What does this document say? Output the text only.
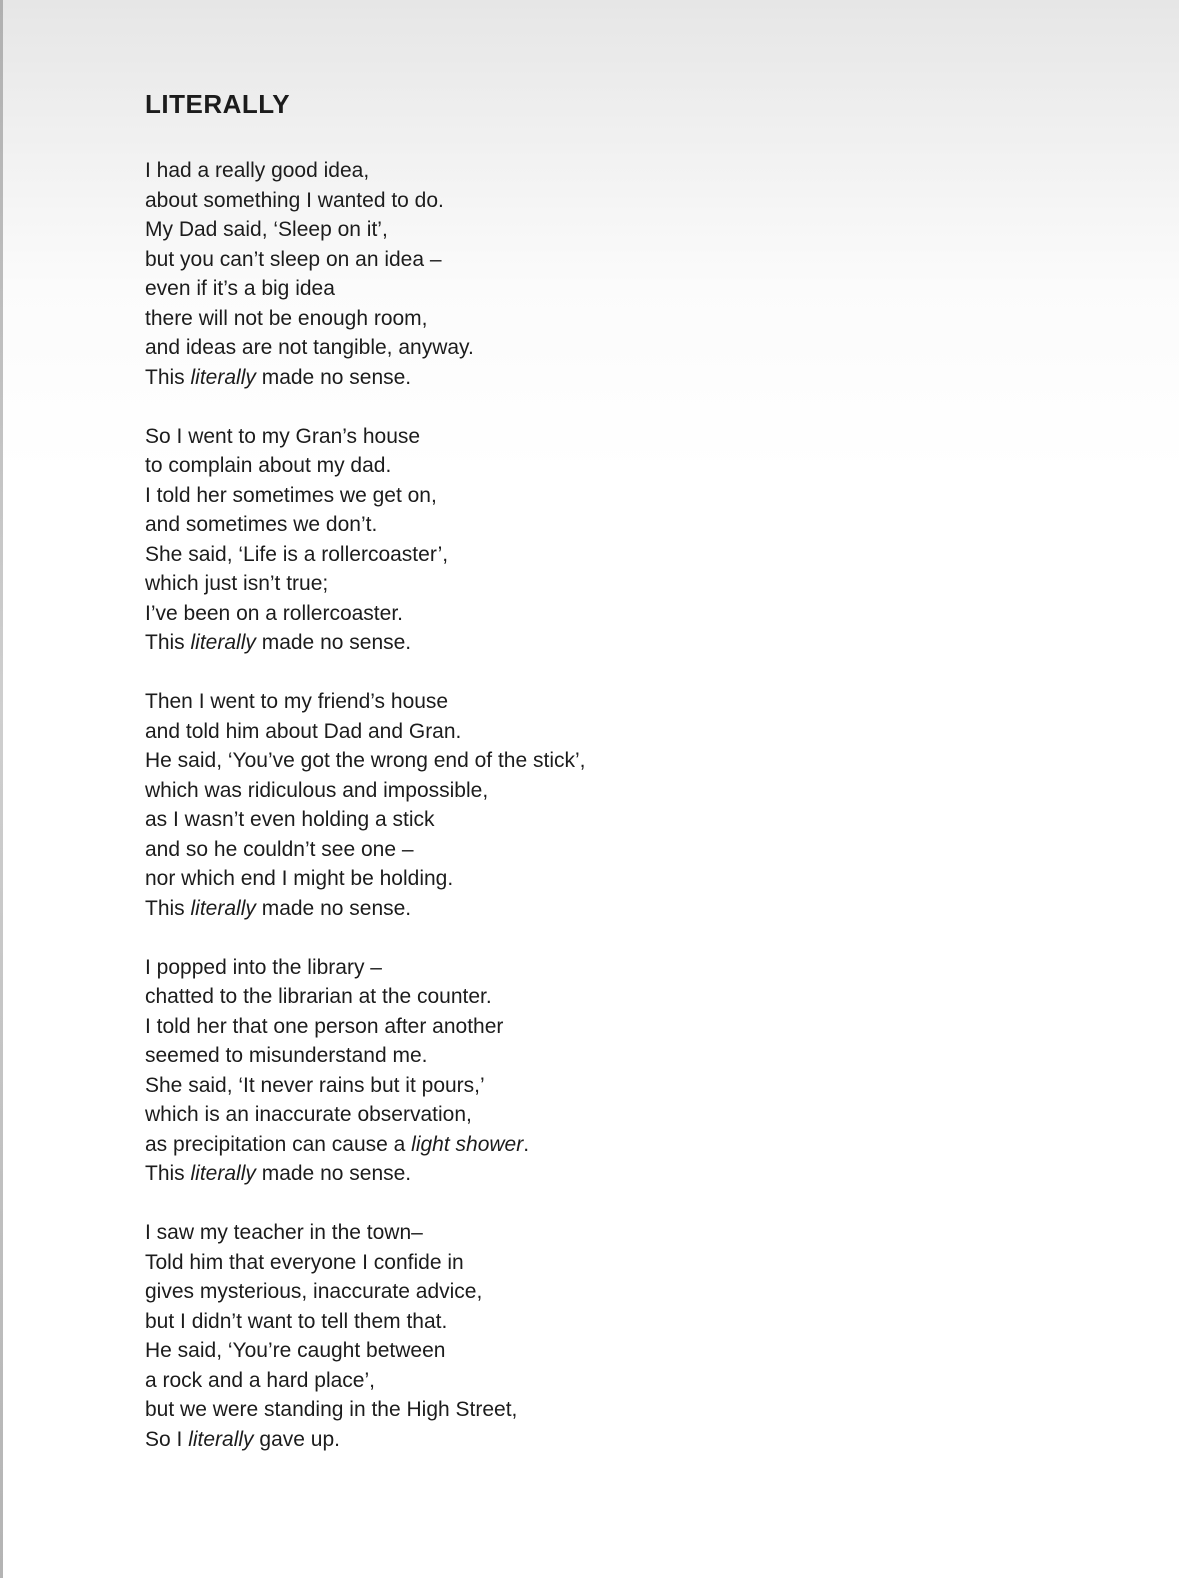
LITERALLY
I had a really good idea,
about something I wanted to do.
My Dad said, ‘Sleep on it’,
but you can’t sleep on an idea –
even if it’s a big idea
there will not be enough room,
and ideas are not tangible, anyway.
This literally made no sense.
So I went to my Gran’s house
to complain about my dad.
I told her sometimes we get on,
and sometimes we don’t.
She said, ‘Life is a rollercoaster’,
which just isn’t true;
I’ve been on a rollercoaster.
This literally made no sense.
Then I went to my friend’s house
and told him about Dad and Gran.
He said, ‘You’ve got the wrong end of the stick’,
which was ridiculous and impossible,
as I wasn’t even holding a stick
and so he couldn’t see one –
nor which end I might be holding.
This literally made no sense.
I popped into the library –
chatted to the librarian at the counter.
I told her that one person after another
seemed to misunderstand me.
She said, ‘It never rains but it pours,’
which is an inaccurate observation,
as precipitation can cause a light shower.
This literally made no sense.
I saw my teacher in the town–
Told him that everyone I confide in
gives mysterious, inaccurate advice,
but I didn’t want to tell them that.
He said, ‘You’re caught between
a rock and a hard place’,
but we were standing in the High Street,
So I literally gave up.
